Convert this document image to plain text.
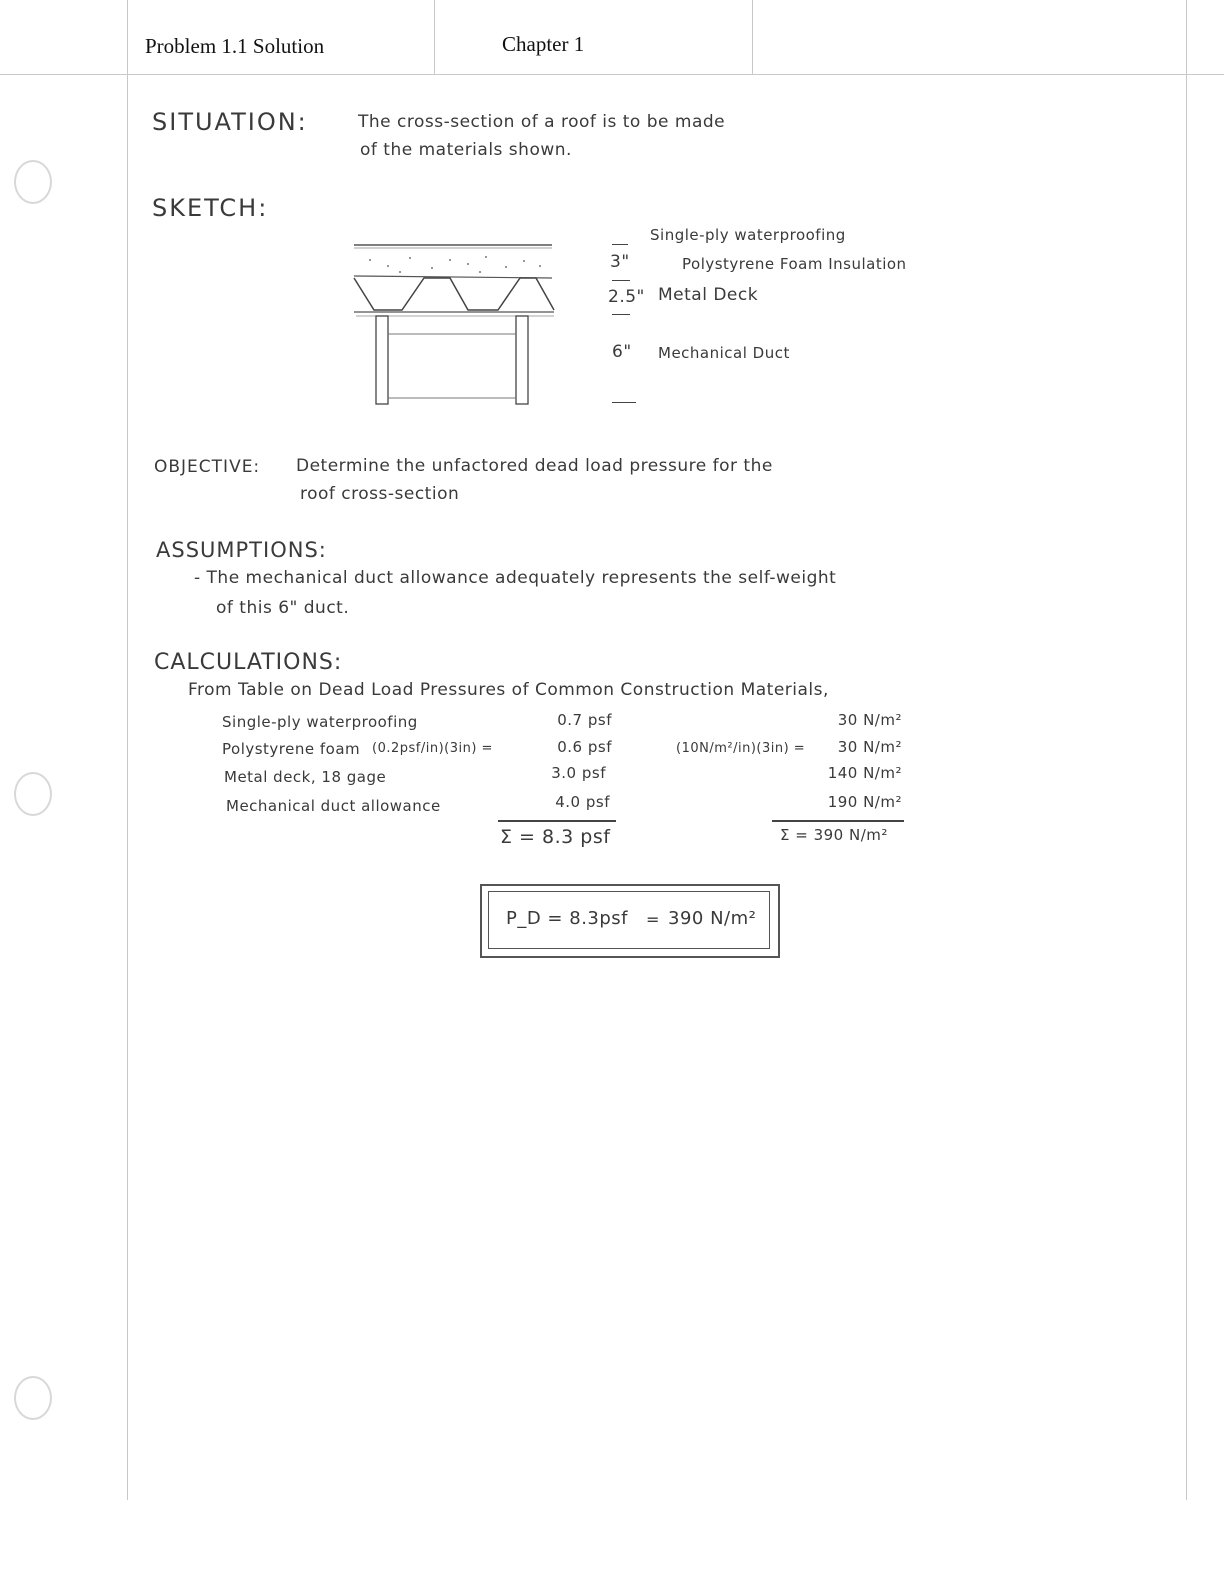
Problem 1.1 Solution	Chapter 1
SITUATION:	The cross-section of a roof is to be made
of the materials shown.
SKETCH:
Single-ply waterproofing
3"	Polystyrene Foam Insulation
2.5" Metal Deck
6" Mechanical Duct
OBJECTIVE: Determine the unfactored dead load pressure for the
roof cross-section
ASSUMPTIONS:
- The mechanical duct allowance adequately represents the self-weight
of this 6" duct.
CALCULATIONS:
From Table on Dead Load Pressures of Common Construction Materials,
Single-ply waterproofing	0.7 psf	30 N/m²
Polystyrene foam (0.2psf/in)(3in) =	0.6 psf	(10N/m²/in)(3in) =	30 N/m²
Metal deck, 18 gage	3.0 psf	140 N/m²
Mechanical duct allowance	4.0 psf	190 N/m²
Σ = 8.3 psf	Σ = 390 N/m²
P_D = 8.3psf = 390 N/m²
